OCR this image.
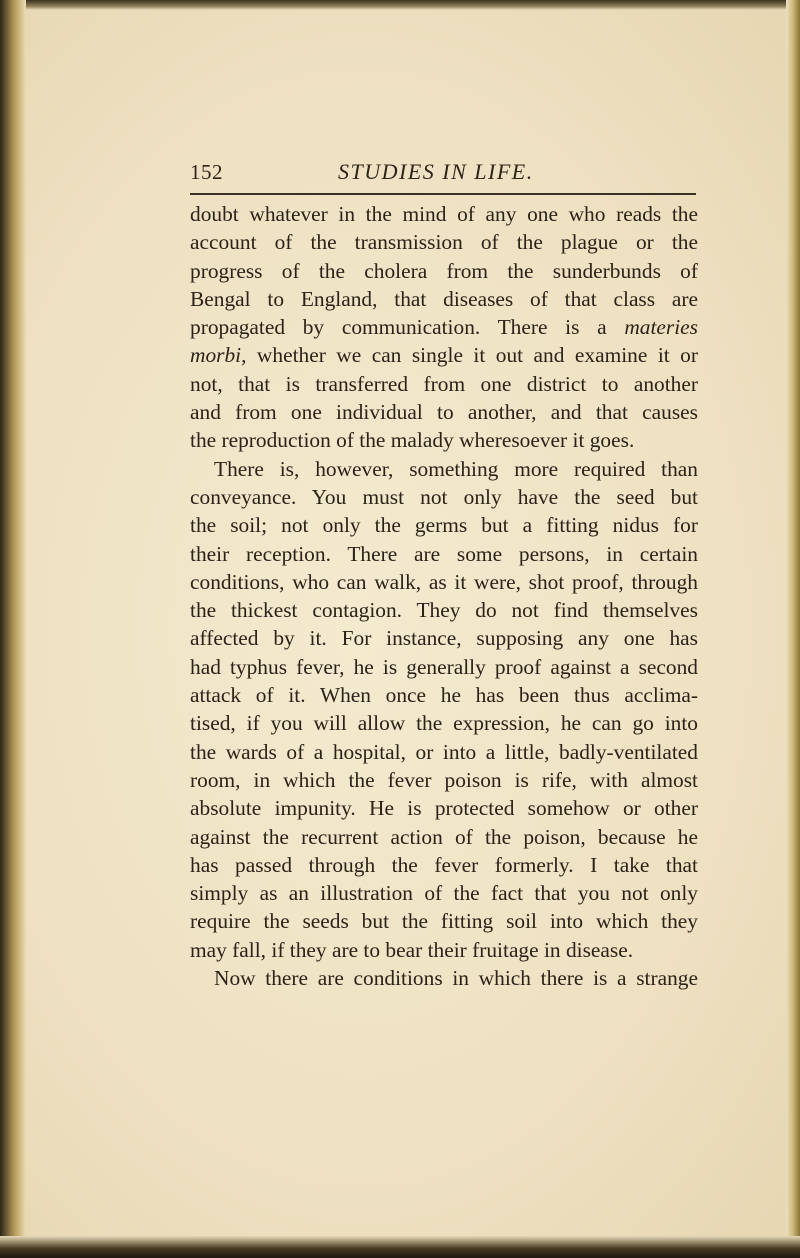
152	STUDIES IN LIFE.
doubt whatever in the mind of any one who reads the
account of the transmission of the plague or the
progress of the cholera from the sunderbunds of
Bengal to England, that diseases of that class are
propagated by communication. There is a materies
morbi, whether we can single it out and examine it or
not, that is transferred from one district to another
and from one individual to another, and that causes
the reproduction of the malady wheresoever it goes.
There is, however, something more required than
conveyance. You must not only have the seed but
the soil; not only the germs but a fitting nidus for
their reception. There are some persons, in certain
conditions, who can walk, as it were, shot proof, through
the thickest contagion. They do not find themselves
affected by it. For instance, supposing any one has
had typhus fever, he is generally proof against a second
attack of it. When once he has been thus acclima-
tised, if you will allow the expression, he can go into
the wards of a hospital, or into a little, badly-ventilated
room, in which the fever poison is rife, with almost
absolute impunity. He is protected somehow or other
against the recurrent action of the poison, because he
has passed through the fever formerly. I take that
simply as an illustration of the fact that you not only
require the seeds but the fitting soil into which they
may fall, if they are to bear their fruitage in disease.
Now there are conditions in which there is a strange
